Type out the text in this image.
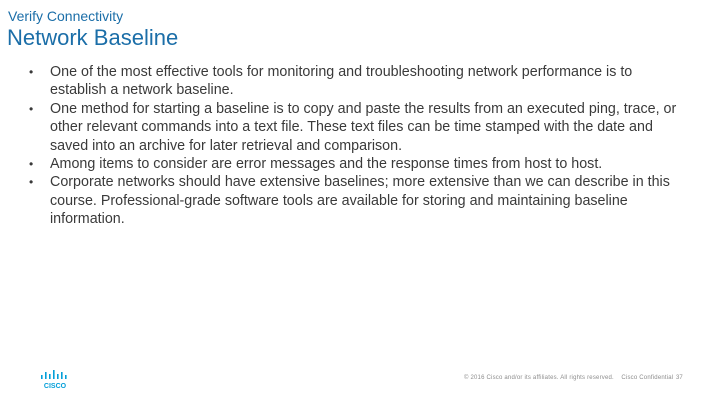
Verify Connectivity
Network Baseline
• One of the most effective tools for monitoring and troubleshooting network performance is to establish a network baseline.
• One method for starting a baseline is to copy and paste the results from an executed ping, trace, or other relevant commands into a text file. These text files can be time stamped with the date and saved into an archive for later retrieval and comparison.
• Among items to consider are error messages and the response times from host to host.
• Corporate networks should have extensive baselines; more extensive than we can describe in this course. Professional-grade software tools are available for storing and maintaining baseline information.
CISCO
© 2016 Cisco and/or its affiliates. All rights reserved. Cisco Confidential 37
